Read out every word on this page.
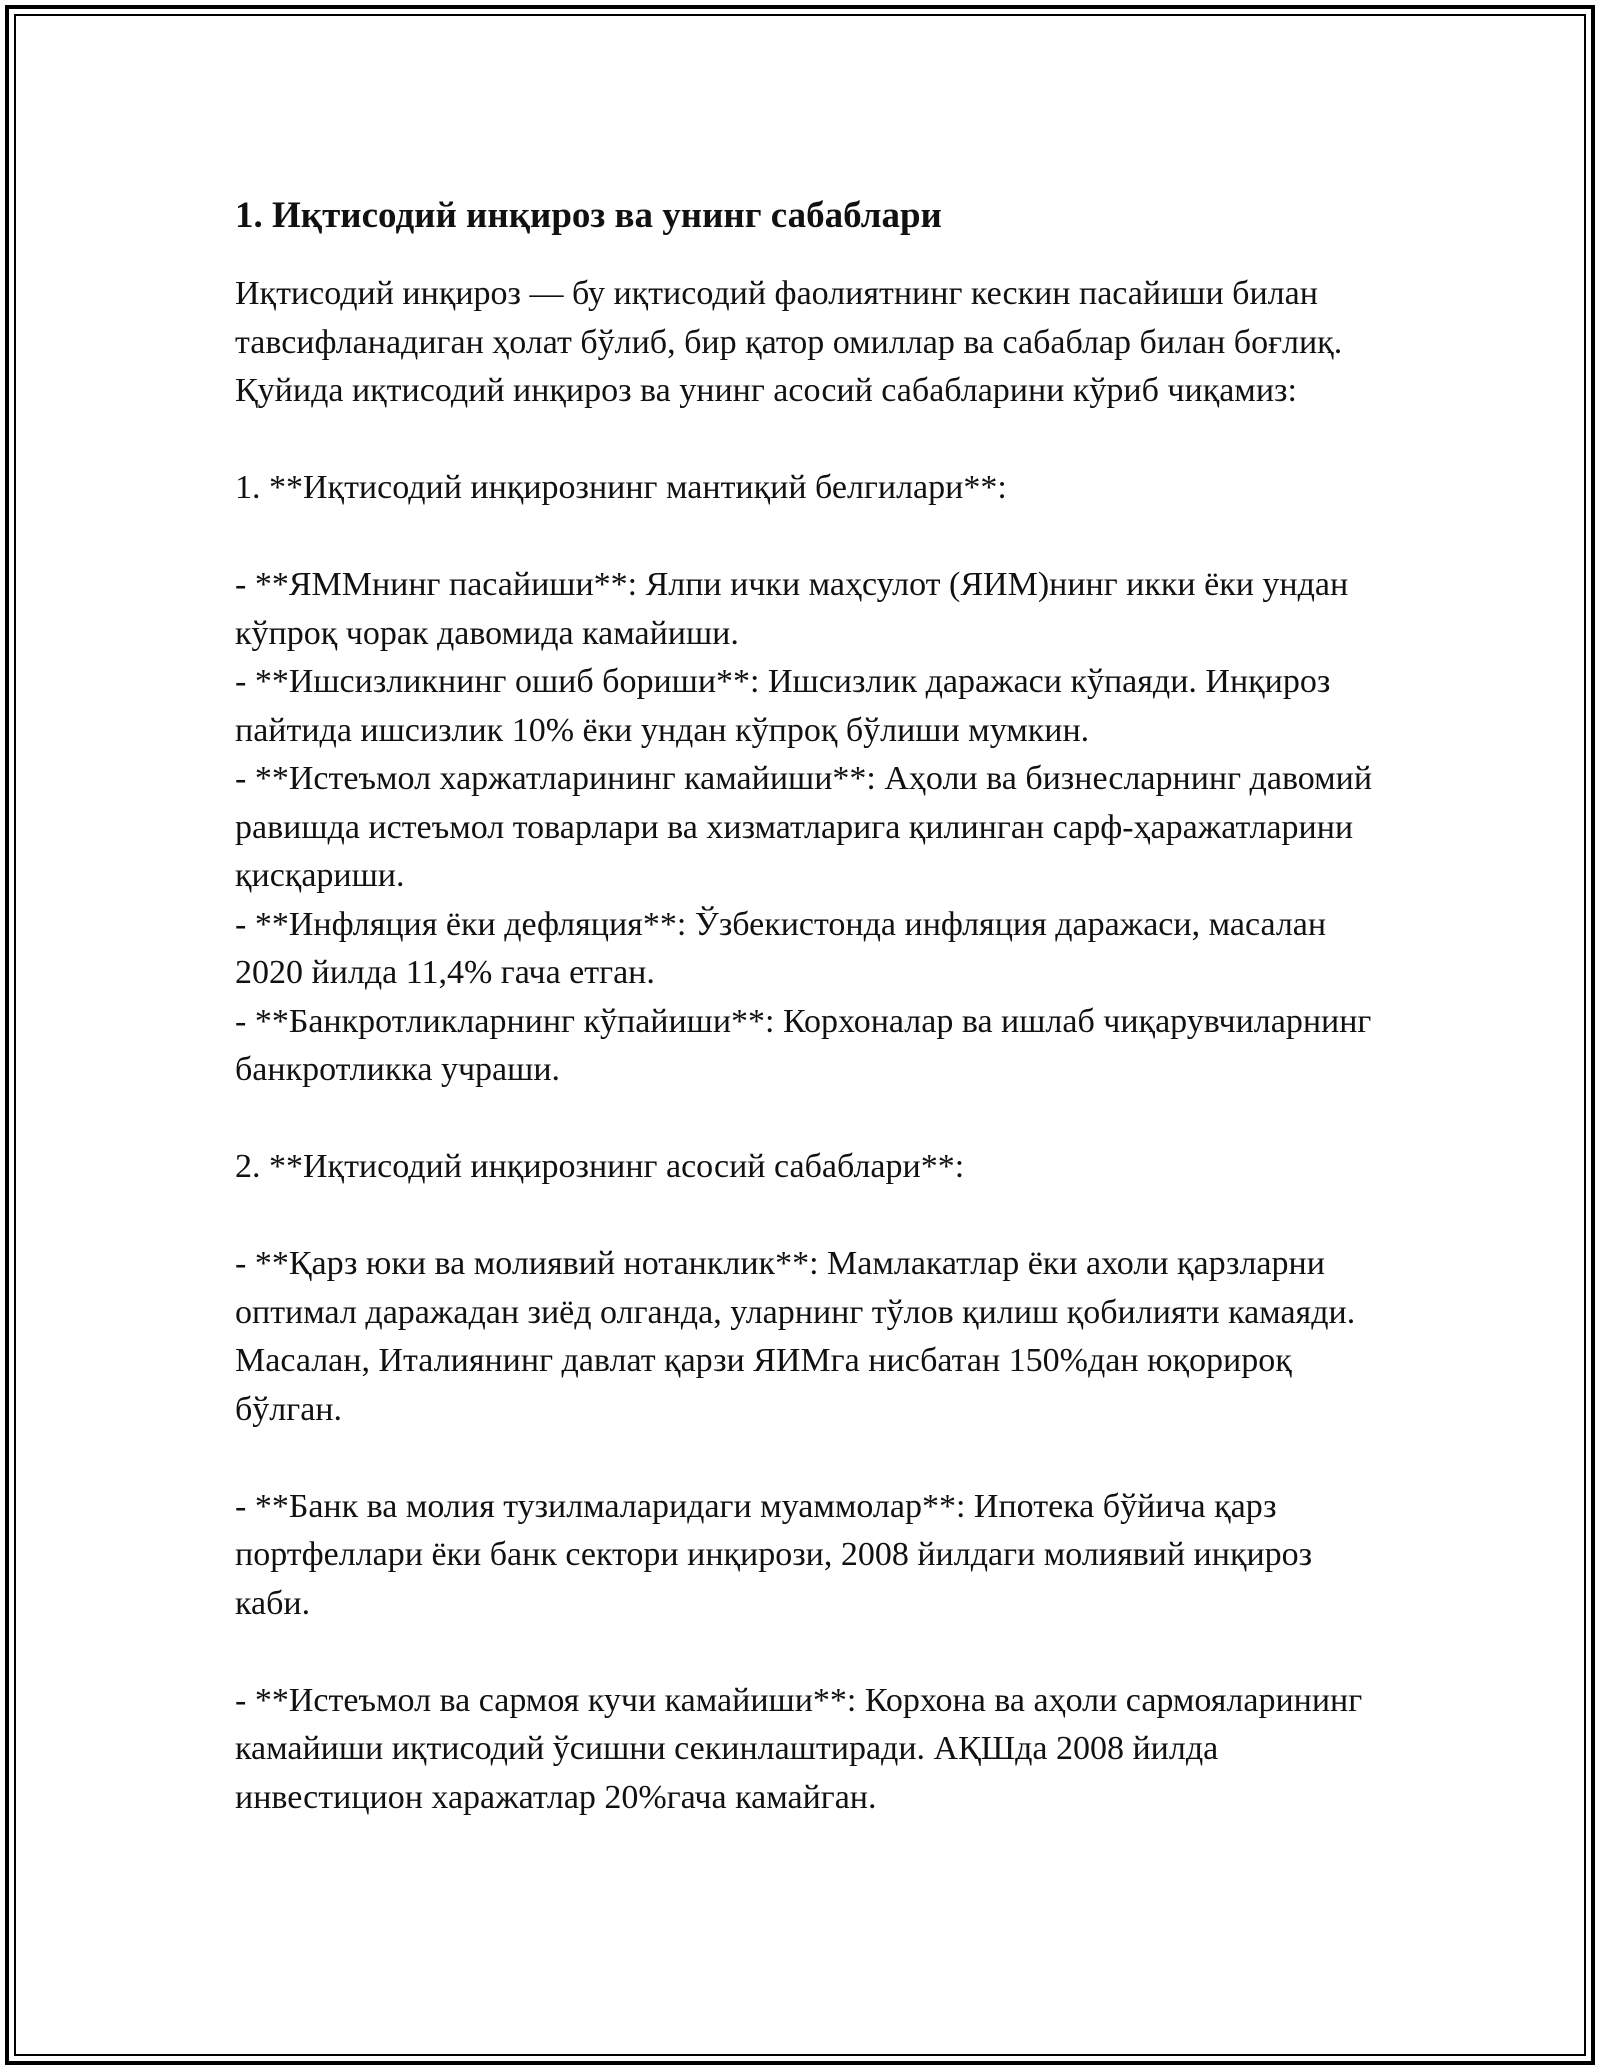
1. Иқтисодий инқироз ва унинг сабаблари

Иқтисодий инқироз — бу иқтисодий фаолиятнинг кескин пасайиши билан тавсифланадиган ҳолат бўлиб, бир қатор омиллар ва сабаблар билан боғлиқ. Қуйида иқтисодий инқироз ва унинг асосий сабабларини кўриб чиқамиз:

1. **Иқтисодий инқирознинг мантиқий белгилари**:

- **ЯММнинг пасайиши**: Ялпи ички маҳсулот (ЯИМ)нинг икки ёки ундан кўпроқ чорак давомида камайиши.

- **Ишсизликнинг ошиб бориши**: Ишсизлик даражаси кўпаяди. Инқироз пайтида ишсизлик 10% ёки ундан кўпроқ бўлиши мумкин.

- **Истеъмол харжатларининг камайиши**: Аҳоли ва бизнесларнинг давомий равишда истеъмол товарлари ва хизматларига қилинган сарф-ҳаражатларини қисқариши.

- **Инфляция ёки дефляция**: Ўзбекистонда инфляция даражаси, масалан 2020 йилда 11,4% гача етган.

- **Банкротликларнинг кўпайиши**: Корхоналар ва ишлаб чиқарувчиларнинг банкротликка учраши.

2. **Иқтисодий инқирознинг асосий сабаблари**:

- **Қарз юки ва молиявий нотанклик**: Мамлакатлар ёки ахоли қарзларни оптимал даражадан зиёд олганда, уларнинг тўлов қилиш қобилияти камаяди. Масалан, Италиянинг давлат қарзи ЯИМга нисбатан 150%дан юқорироқ бўлган.

- **Банк ва молия тузилмаларидаги муаммолар**: Ипотека бўйича қарз портфеллари ёки банк сектори инқирози, 2008 йилдаги молиявий инқироз каби.

- **Истеъмол ва сармоя кучи камайиши**: Корхона ва аҳоли сармояларининг камайиши иқтисодий ўсишни секинлаштиради. АҚШда 2008 йилда инвестицион харажатлар 20%гача камайган.
